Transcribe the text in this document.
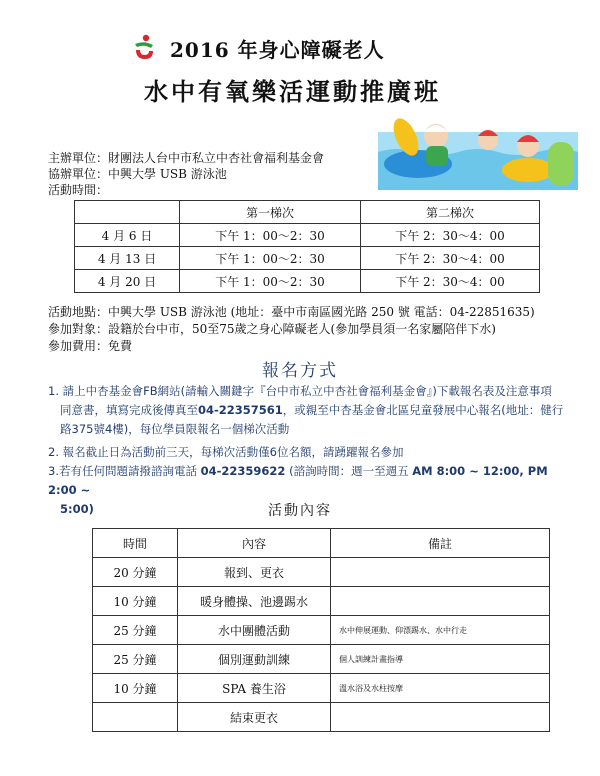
2016 年身心障礙老人
水中有氧樂活運動推廣班
主辦單位：財團法人台中市私立中杏社會福利基金會
協辦單位：中興大學 USB 游泳池
活動時間：
	第一梯次	第二梯次
4 月 6 日	下午 1：00～2：30	下午 2：30～4：00
4 月 13 日	下午 1：00～2：30	下午 2：30～4：00
4 月 20 日	下午 1：00～2：30	下午 2：30～4：00
活動地點：中興大學 USB 游泳池 (地址：臺中市南區國光路 250 號 電話：04-22851635)
參加對象：設籍於台中市，50至75歲之身心障礙老人(參加學員須一名家屬陪伴下水)
參加費用：免費
報名方式
1. 請上中杏基金會FB網站(請輸入關鍵字『台中市私立中杏社會福利基金會』)下載報名表及注意事項
同意書，填寫完成後傳真至04-22357561，或親至中杏基金會北區兒童發展中心報名(地址：健行
路375號4樓)，每位學員限報名一個梯次活動
2. 報名截止日為活動前三天，每梯次活動僅6位名額，請踴躍報名參加
3.若有任何問題請撥諮詢電話 04-22359622 (諮詢時間：週一至週五 AM 8:00 ~ 12:00, PM 2:00 ~
5:00)	活動內容
時間	內容	備註
20 分鐘	報到、更衣	
10 分鐘	暖身體操、池邊踢水	
25 分鐘	水中團體活動	水中伸展運動、仰漂踢水、水中行走
25 分鐘	個別運動訓練	個人訓練計畫指導
10 分鐘	SPA 養生浴	溫水浴及水柱按摩
	結束更衣	
